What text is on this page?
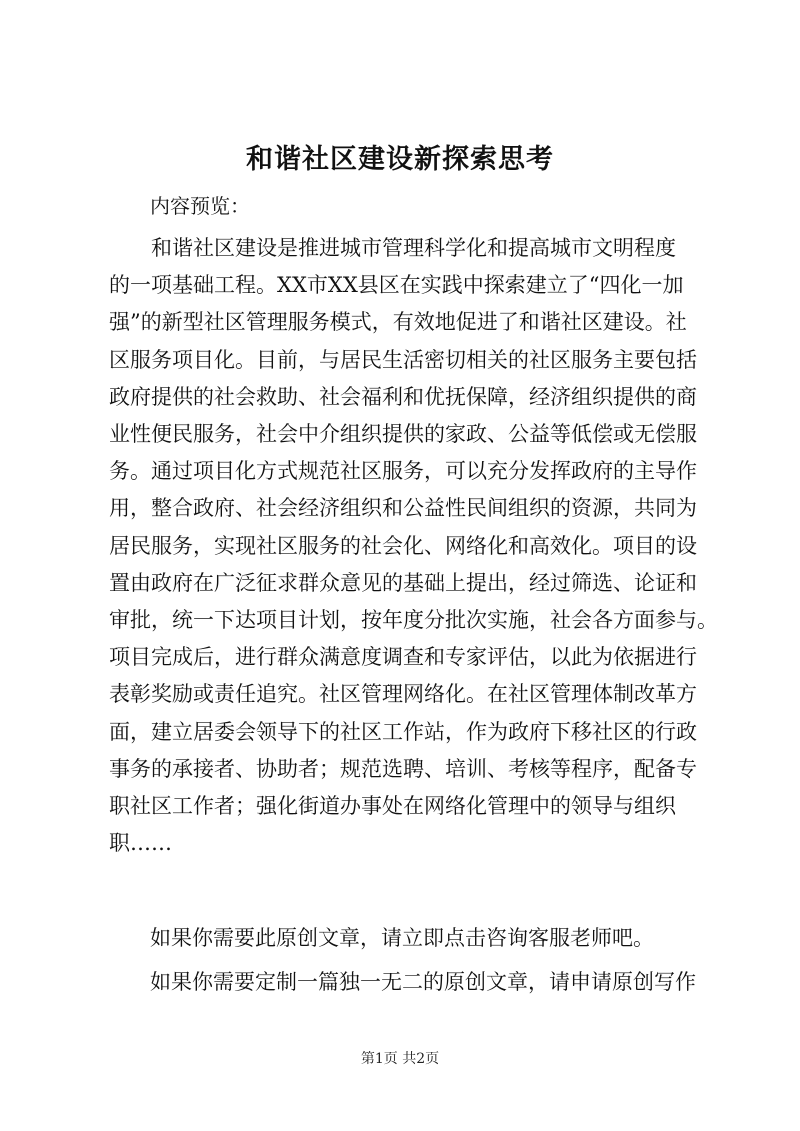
和谐社区建设新探索思考
内容预览：
和谐社区建设是推进城市管理科学化和提高城市文明程度
的一项基础工程。XX市XX县区在实践中探索建立了“四化一加
强”的新型社区管理服务模式，有效地促进了和谐社区建设。社
区服务项目化。目前，与居民生活密切相关的社区服务主要包括
政府提供的社会救助、社会福利和优抚保障，经济组织提供的商
业性便民服务，社会中介组织提供的家政、公益等低偿或无偿服
务。通过项目化方式规范社区服务，可以充分发挥政府的主导作
用，整合政府、社会经济组织和公益性民间组织的资源，共同为
居民服务，实现社区服务的社会化、网络化和高效化。项目的设
置由政府在广泛征求群众意见的基础上提出，经过筛选、论证和
审批，统一下达项目计划，按年度分批次实施，社会各方面参与。
项目完成后，进行群众满意度调查和专家评估，以此为依据进行
表彰奖励或责任追究。社区管理网络化。在社区管理体制改革方
面，建立居委会领导下的社区工作站，作为政府下移社区的行政
事务的承接者、协助者；规范选聘、培训、考核等程序，配备专
职社区工作者；强化街道办事处在网络化管理中的领导与组织
职……
如果你需要此原创文章，请立即点击咨询客服老师吧。
如果你需要定制一篇独一无二的原创文章，请申请原创写作
第1页 共2页
